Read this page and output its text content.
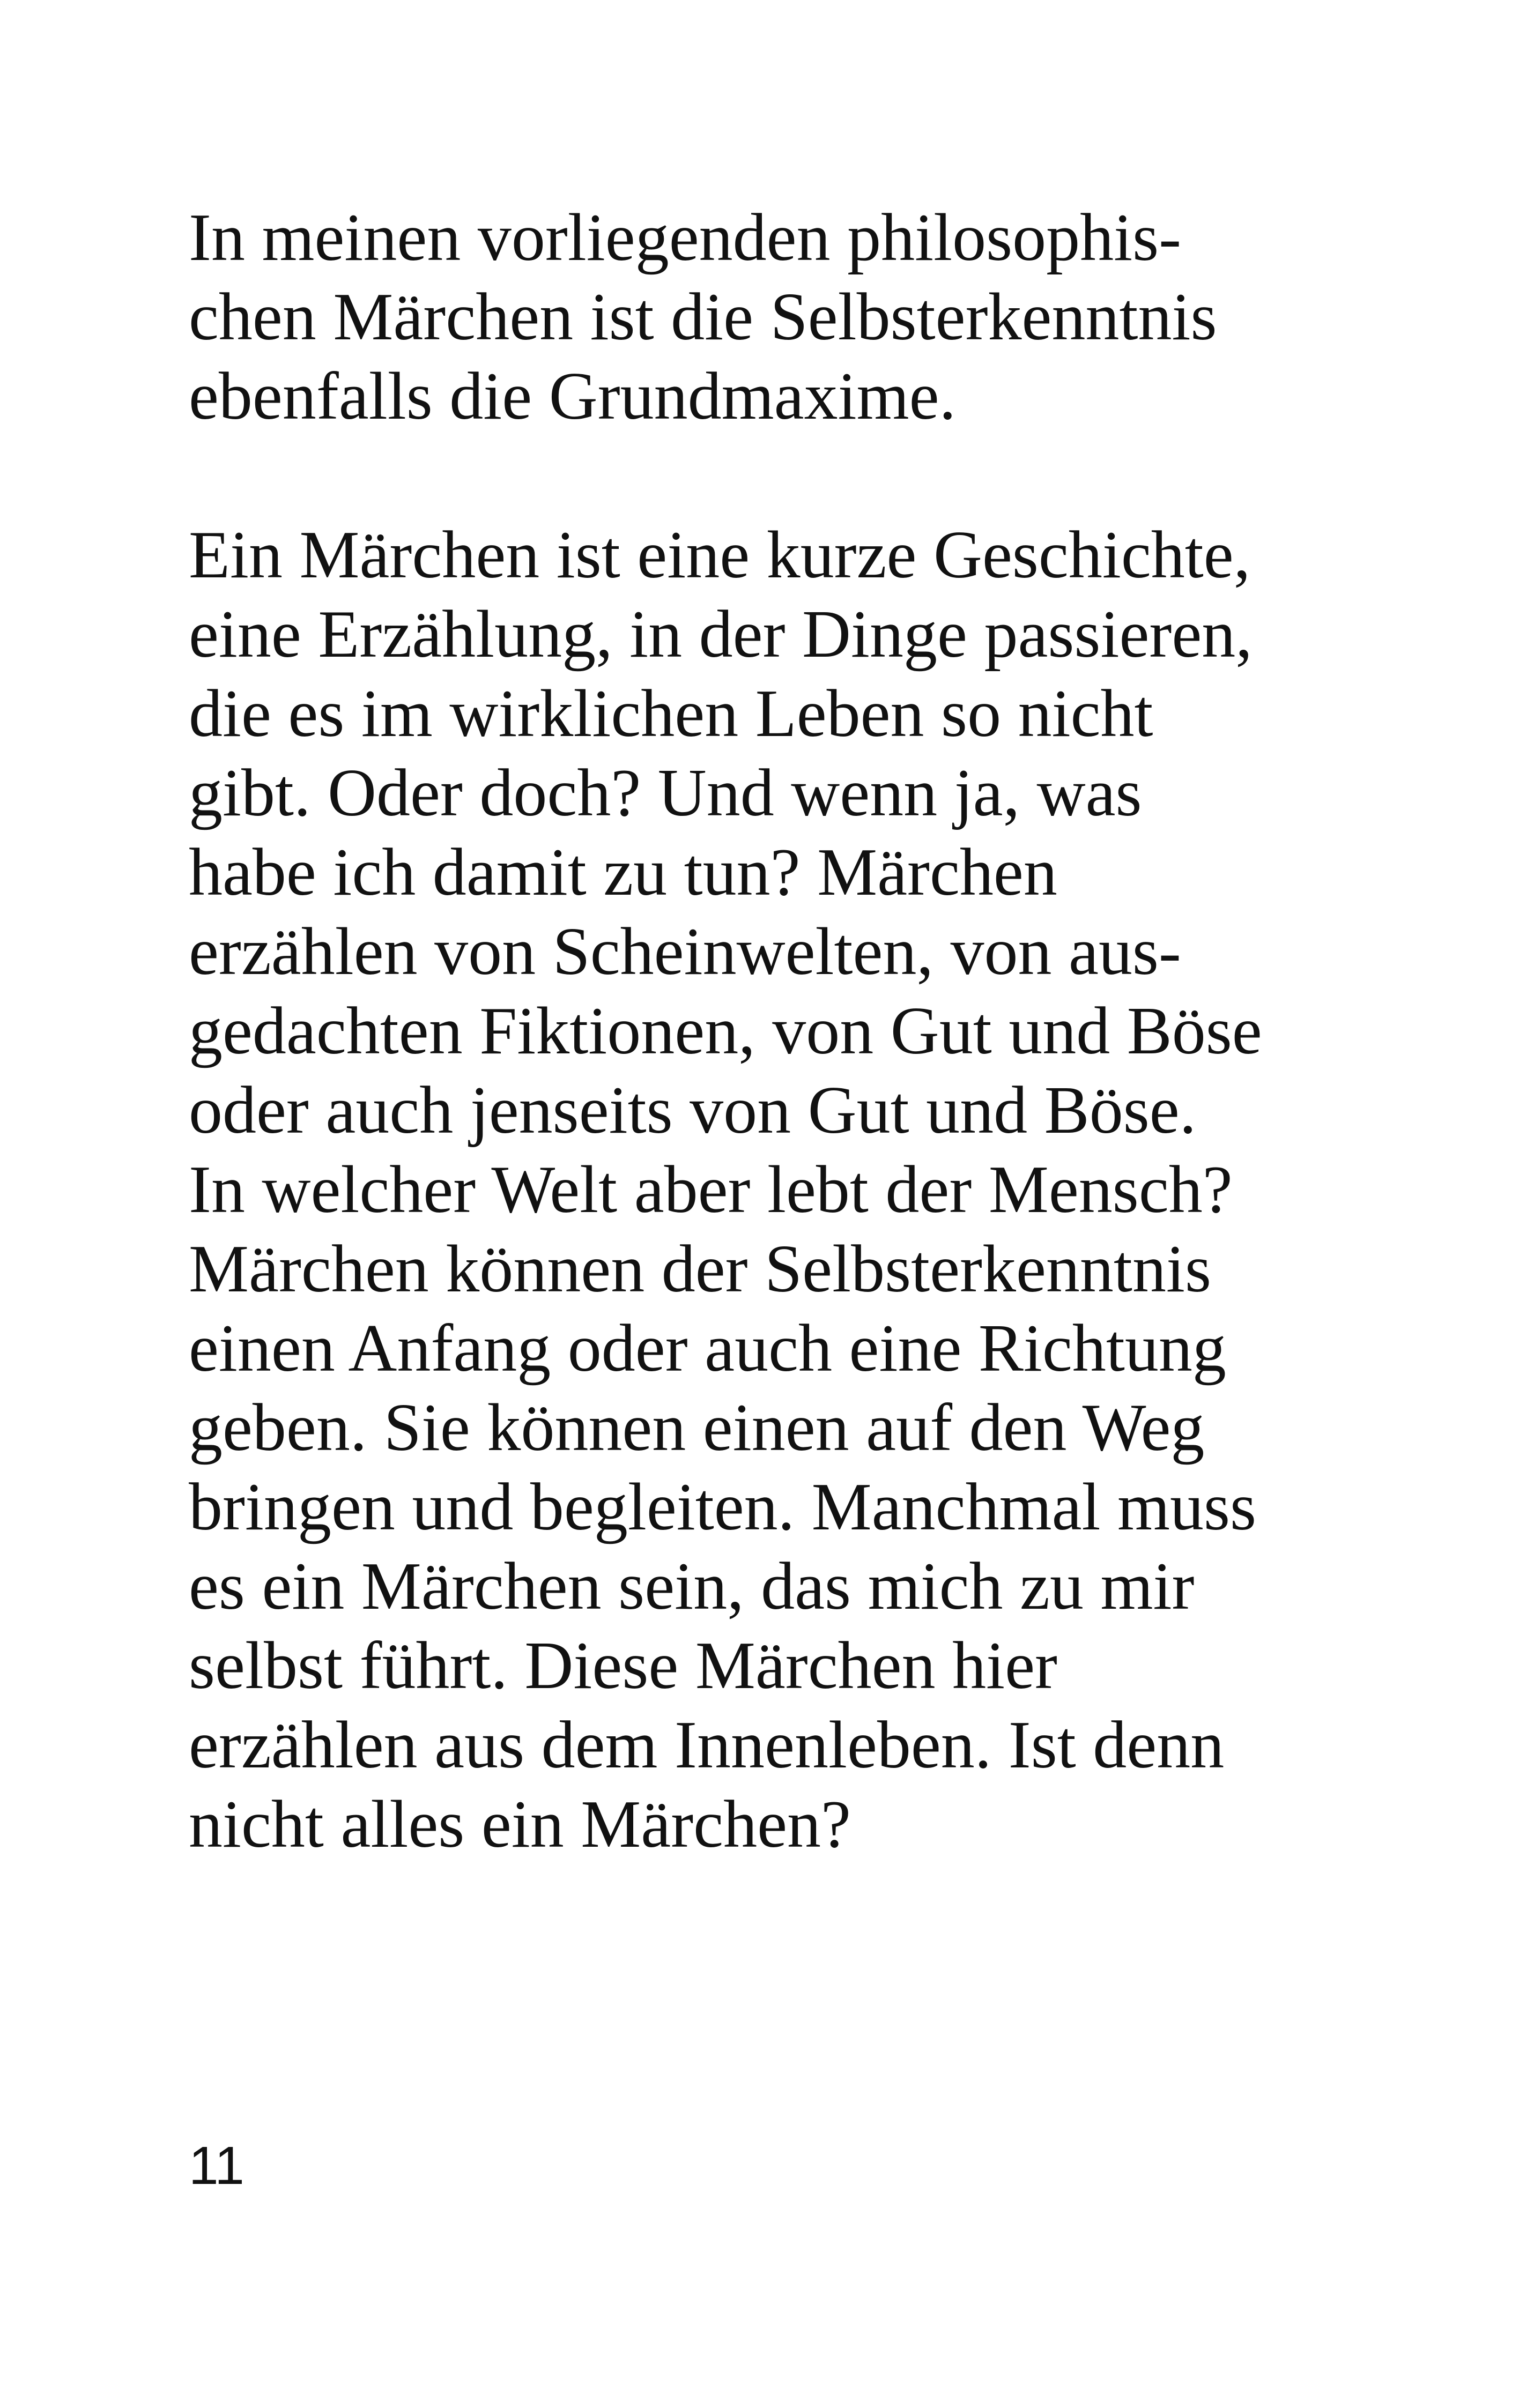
In meinen vorliegenden philosophis-
chen Märchen ist die Selbsterkenntnis
ebenfalls die Grundmaxime.

Ein Märchen ist eine kurze Geschichte,
eine Erzählung, in der Dinge passieren,
die es im wirklichen Leben so nicht
gibt. Oder doch? Und wenn ja, was
habe ich damit zu tun? Märchen
erzählen von Scheinwelten, von aus-
gedachten Fiktionen, von Gut und Böse
oder auch jenseits von Gut und Böse.
In welcher Welt aber lebt der Mensch?
Märchen können der Selbsterkenntnis
einen Anfang oder auch eine Richtung
geben. Sie können einen auf den Weg
bringen und begleiten. Manchmal muss
es ein Märchen sein, das mich zu mir
selbst führt. Diese Märchen hier
erzählen aus dem Innenleben. Ist denn
nicht alles ein Märchen?

11
